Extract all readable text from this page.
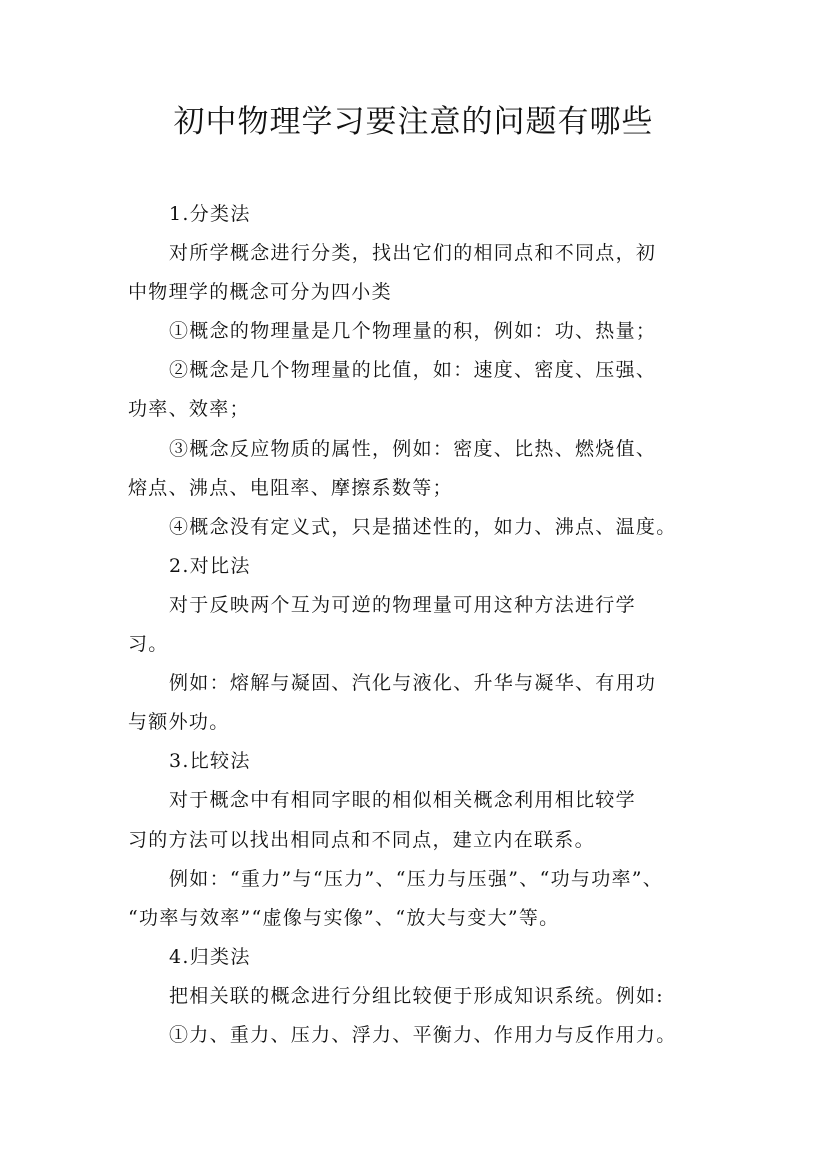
初中物理学习要注意的问题有哪些
1.分类法
对所学概念进行分类，找出它们的相同点和不同点，初
中物理学的概念可分为四小类
①概念的物理量是几个物理量的积，例如：功、热量；
②概念是几个物理量的比值，如：速度、密度、压强、
功率、效率；
③概念反应物质的属性，例如：密度、比热、燃烧值、
熔点、沸点、电阻率、摩擦系数等；
④概念没有定义式，只是描述性的，如力、沸点、温度。
2.对比法
对于反映两个互为可逆的物理量可用这种方法进行学
习。
例如：熔解与凝固、汽化与液化、升华与凝华、有用功
与额外功。
3.比较法
对于概念中有相同字眼的相似相关概念利用相比较学
习的方法可以找出相同点和不同点，建立内在联系。
例如：“重力”与“压力”、“压力与压强”、“功与功率”、
“功率与效率”“虚像与实像”、“放大与变大”等。
4.归类法
把相关联的概念进行分组比较便于形成知识系统。例如:
①力、重力、压力、浮力、平衡力、作用力与反作用力。
